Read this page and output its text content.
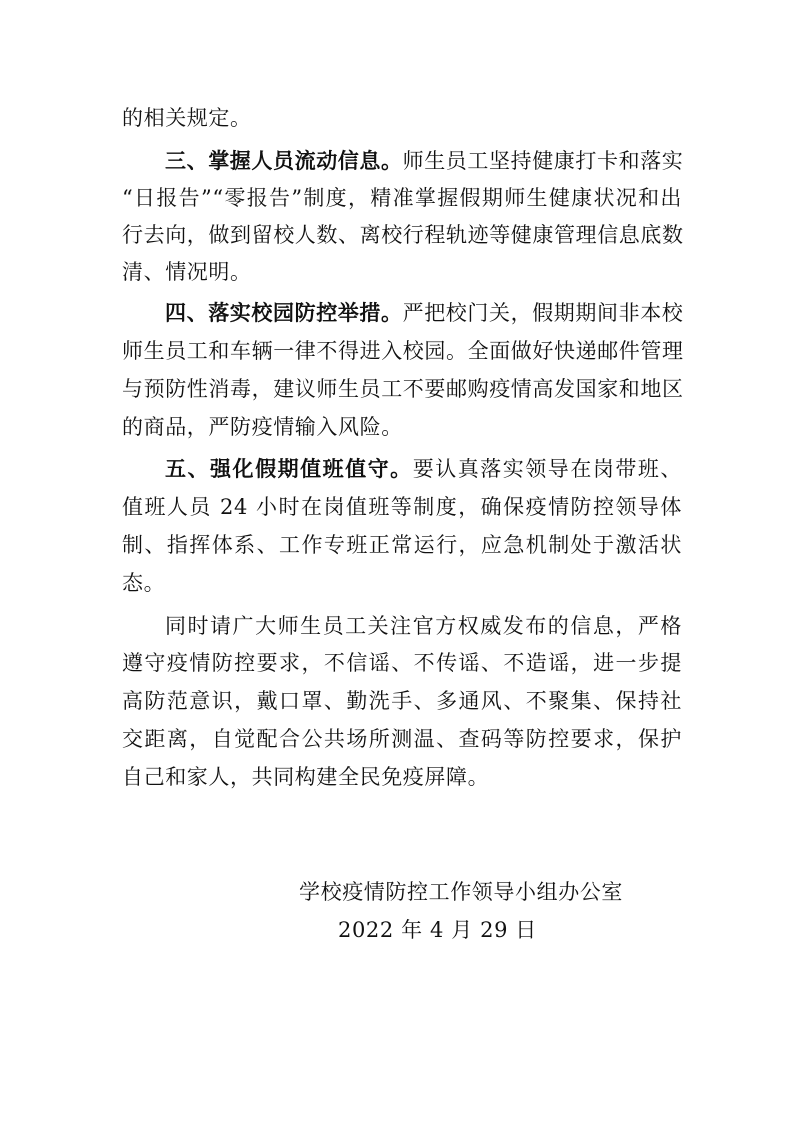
的相关规定。
三、掌握人员流动信息。师生员工坚持健康打卡和落实
“日报告”“零报告”制度，精准掌握假期师生健康状况和出
行去向，做到留校人数、离校行程轨迹等健康管理信息底数
清、情况明。
四、落实校园防控举措。严把校门关，假期期间非本校
师生员工和车辆一律不得进入校园。全面做好快递邮件管理
与预防性消毒，建议师生员工不要邮购疫情高发国家和地区
的商品，严防疫情输入风险。
五、强化假期值班值守。要认真落实领导在岗带班、
值班人员 24 小时在岗值班等制度，确保疫情防控领导体
制、指挥体系、工作专班正常运行，应急机制处于激活状
态。
同时请广大师生员工关注官方权威发布的信息，严格
遵守疫情防控要求，不信谣、不传谣、不造谣，进一步提
高防范意识，戴口罩、勤洗手、多通风、不聚集、保持社
交距离，自觉配合公共场所测温、查码等防控要求，保护
自己和家人，共同构建全民免疫屏障。
学校疫情防控工作领导小组办公室
2022 年 4 月 29 日
